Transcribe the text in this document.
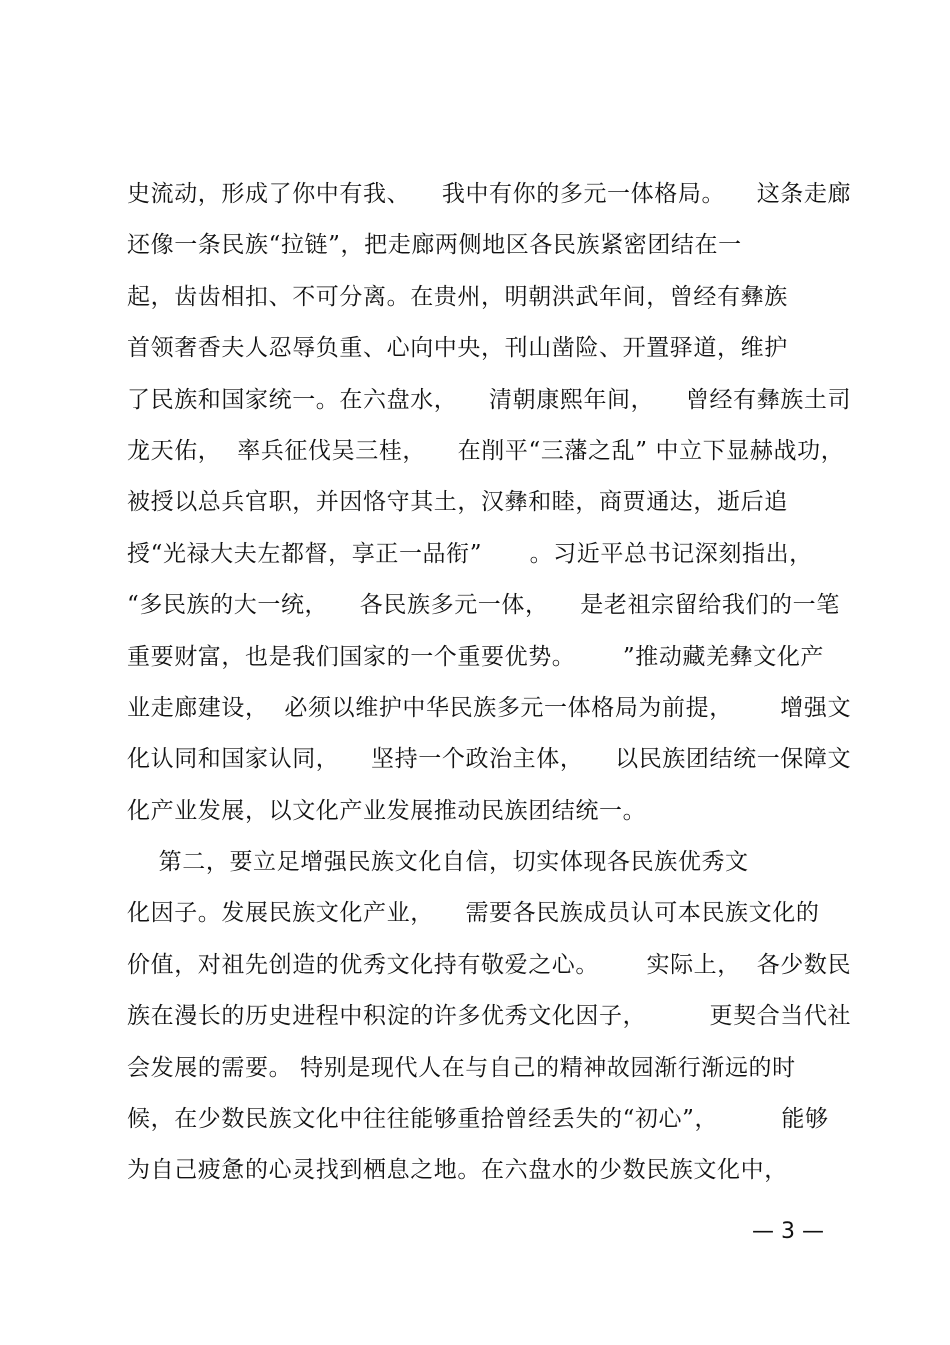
史流动，形成了你中有我、    我中有你的多元一体格局。    这条走廊
还像一条民族“拉链”，把走廊两侧地区各民族紧密团结在一
起，齿齿相扣、不可分离。在贵州，明朝洪武年间，曾经有彝族
首领奢香夫人忍辱负重、心向中央，刊山凿险、开置驿道，维护
了民族和国家统一。在六盘水，    清朝康熙年间，    曾经有彝族土司
龙天佑，  率兵征伐吴三桂，    在削平“三藩之乱” 中立下显赫战功，
被授以总兵官职，并因恪守其土，汉彝和睦，商贾通达，逝后追
授“光禄大夫左都督，享正一品衔”      。习近平总书记深刻指出，
“多民族的大一统，    各民族多元一体，    是老祖宗留给我们的一笔
重要财富，也是我们国家的一个重要优势。      ”推动藏羌彝文化产
业走廊建设，  必须以维护中华民族多元一体格局为前提，      增强文
化认同和国家认同，    坚持一个政治主体，    以民族团结统一保障文
化产业发展，以文化产业发展推动民族团结统一。
第二，要立足增强民族文化自信，切实体现各民族优秀文
化因子。发展民族文化产业，    需要各民族成员认可本民族文化的
价值，对祖先创造的优秀文化持有敬爱之心。      实际上，  各少数民
族在漫长的历史进程中积淀的许多优秀文化因子，        更契合当代社
会发展的需要。 特别是现代人在与自己的精神故园渐行渐远的时
候，在少数民族文化中往往能够重拾曾经丢失的“初心”，        能够
为自己疲惫的心灵找到栖息之地。在六盘水的少数民族文化中，
— 3 —
